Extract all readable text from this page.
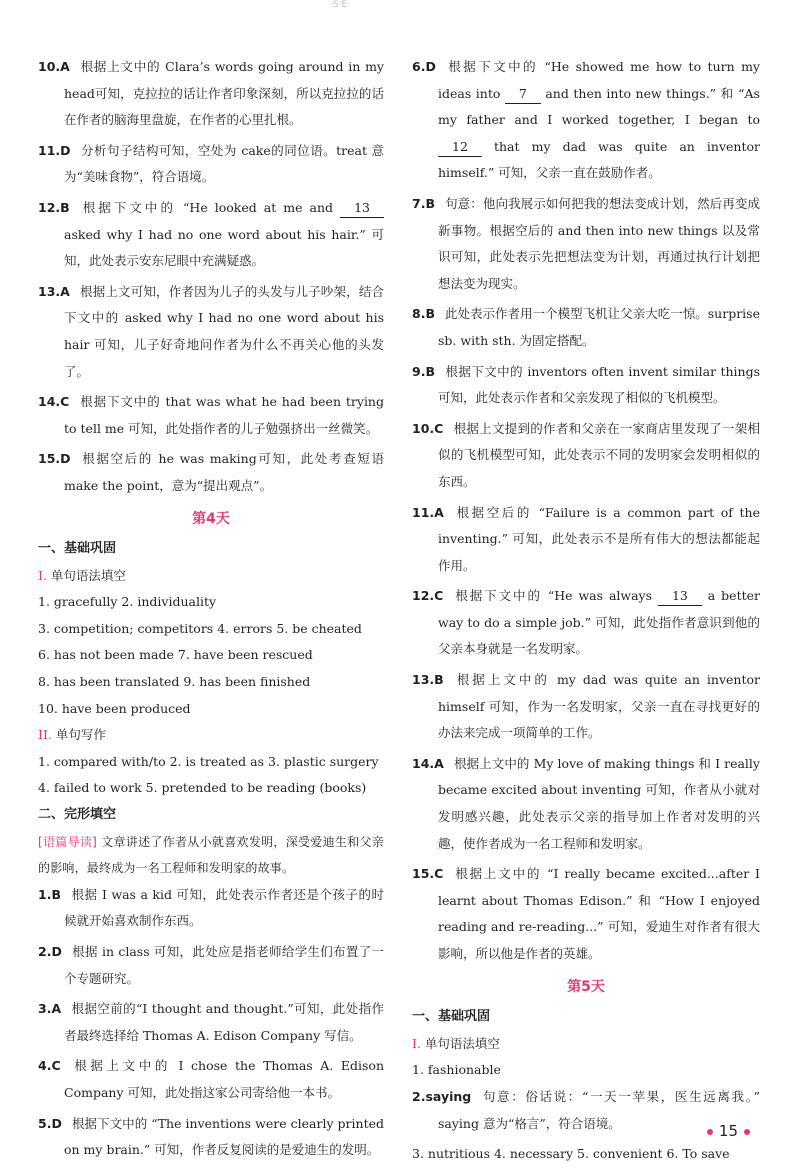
·S·E·
10.A 根据上文中的 Clara’s words going around in my head可知，克拉拉的话让作者印象深刻，所以克拉拉的话在作者的脑海里盘旋，在作者的心里扎根。
11.D 分析句子结构可知，空处为 cake的同位语。treat 意为“美味食物”，符合语境。
12.B 根据下文中的 “He looked at me and 13 asked why I had no one word about his hair.” 可知，此处表示安东尼眼中充满疑惑。
13.A 根据上文可知，作者因为儿子的头发与儿子吵架，结合下文中的 asked why I had no one word about his hair 可知，儿子好奇地问作者为什么不再关心他的头发了。
14.C 根据下文中的 that was what he had been trying to tell me 可知，此处指作者的儿子勉强挤出一丝微笑。
15.D 根据空后的 he was making可知，此处考查短语 make the point，意为“提出观点”。
第4天
一、基础巩固
I. 单句语法填空
1. gracefully 2. individuality
3. competition; competitors 4. errors 5. be cheated
6. has not been made 7. have been rescued
8. has been translated 9. has been finished
10. have been produced
II. 单句写作
1. compared with/to 2. is treated as 3. plastic surgery
4. failed to work 5. pretended to be reading (books)
二、完形填空
[语篇导读] 文章讲述了作者从小就喜欢发明，深受爱迪生和父亲的影响，最终成为一名工程师和发明家的故事。
1.B 根据 I was a kid 可知，此处表示作者还是个孩子的时候就开始喜欢制作东西。
2.D 根据 in class 可知，此处应是指老师给学生们布置了一个专题研究。
3.A 根据空前的“I thought and thought.”可知，此处指作者最终选择给 Thomas A. Edison Company 写信。
4.C 根据上文中的 I chose the Thomas A. Edison Company 可知，此处指这家公司寄给他一本书。
5.D 根据下文中的 “The inventions were clearly printed on my brain.” 可知，作者反复阅读的是爱迪生的发明。
6.D 根据下文中的 “He showed me how to turn my ideas into 7 and then into new things.” 和 “As my father and I worked together, I began to 12 that my dad was quite an inventor himself.” 可知，父亲一直在鼓励作者。
7.B 句意：他向我展示如何把我的想法变成计划，然后再变成新事物。根据空后的 and then into new things 以及常识可知，此处表示先把想法变为计划，再通过执行计划把想法变为现实。
8.B 此处表示作者用一个模型飞机让父亲大吃一惊。surprise sb. with sth. 为固定搭配。
9.B 根据下文中的 inventors often invent similar things 可知，此处表示作者和父亲发现了相似的飞机模型。
10.C 根据上文提到的作者和父亲在一家商店里发现了一架相似的飞机模型可知，此处表示不同的发明家会发明相似的东西。
11.A 根据空后的 “Failure is a common part of the inventing.” 可知，此处表示不是所有伟大的想法都能起作用。
12.C 根据下文中的 “He was always 13 a better way to do a simple job.” 可知，此处指作者意识到他的父亲本身就是一名发明家。
13.B 根据上文中的 my dad was quite an inventor himself 可知，作为一名发明家，父亲一直在寻找更好的办法来完成一项简单的工作。
14.A 根据上文中的 My love of making things 和 I really became excited about inventing 可知，作者从小就对发明感兴趣，此处表示父亲的指导加上作者对发明的兴趣，使作者成为一名工程师和发明家。
15.C 根据上文中的 “I really became excited...after I learnt about Thomas Edison.” 和 “How I enjoyed reading and re-reading...” 可知，爱迪生对作者有很大影响，所以他是作者的英雄。
第5天
一、基础巩固
I. 单句语法填空
1. fashionable
2.saying 句意：俗话说：“一天一苹果，医生远离我。” saying 意为“格言”，符合语境。
3. nutritious 4. necessary 5. convenient 6. To save
15
